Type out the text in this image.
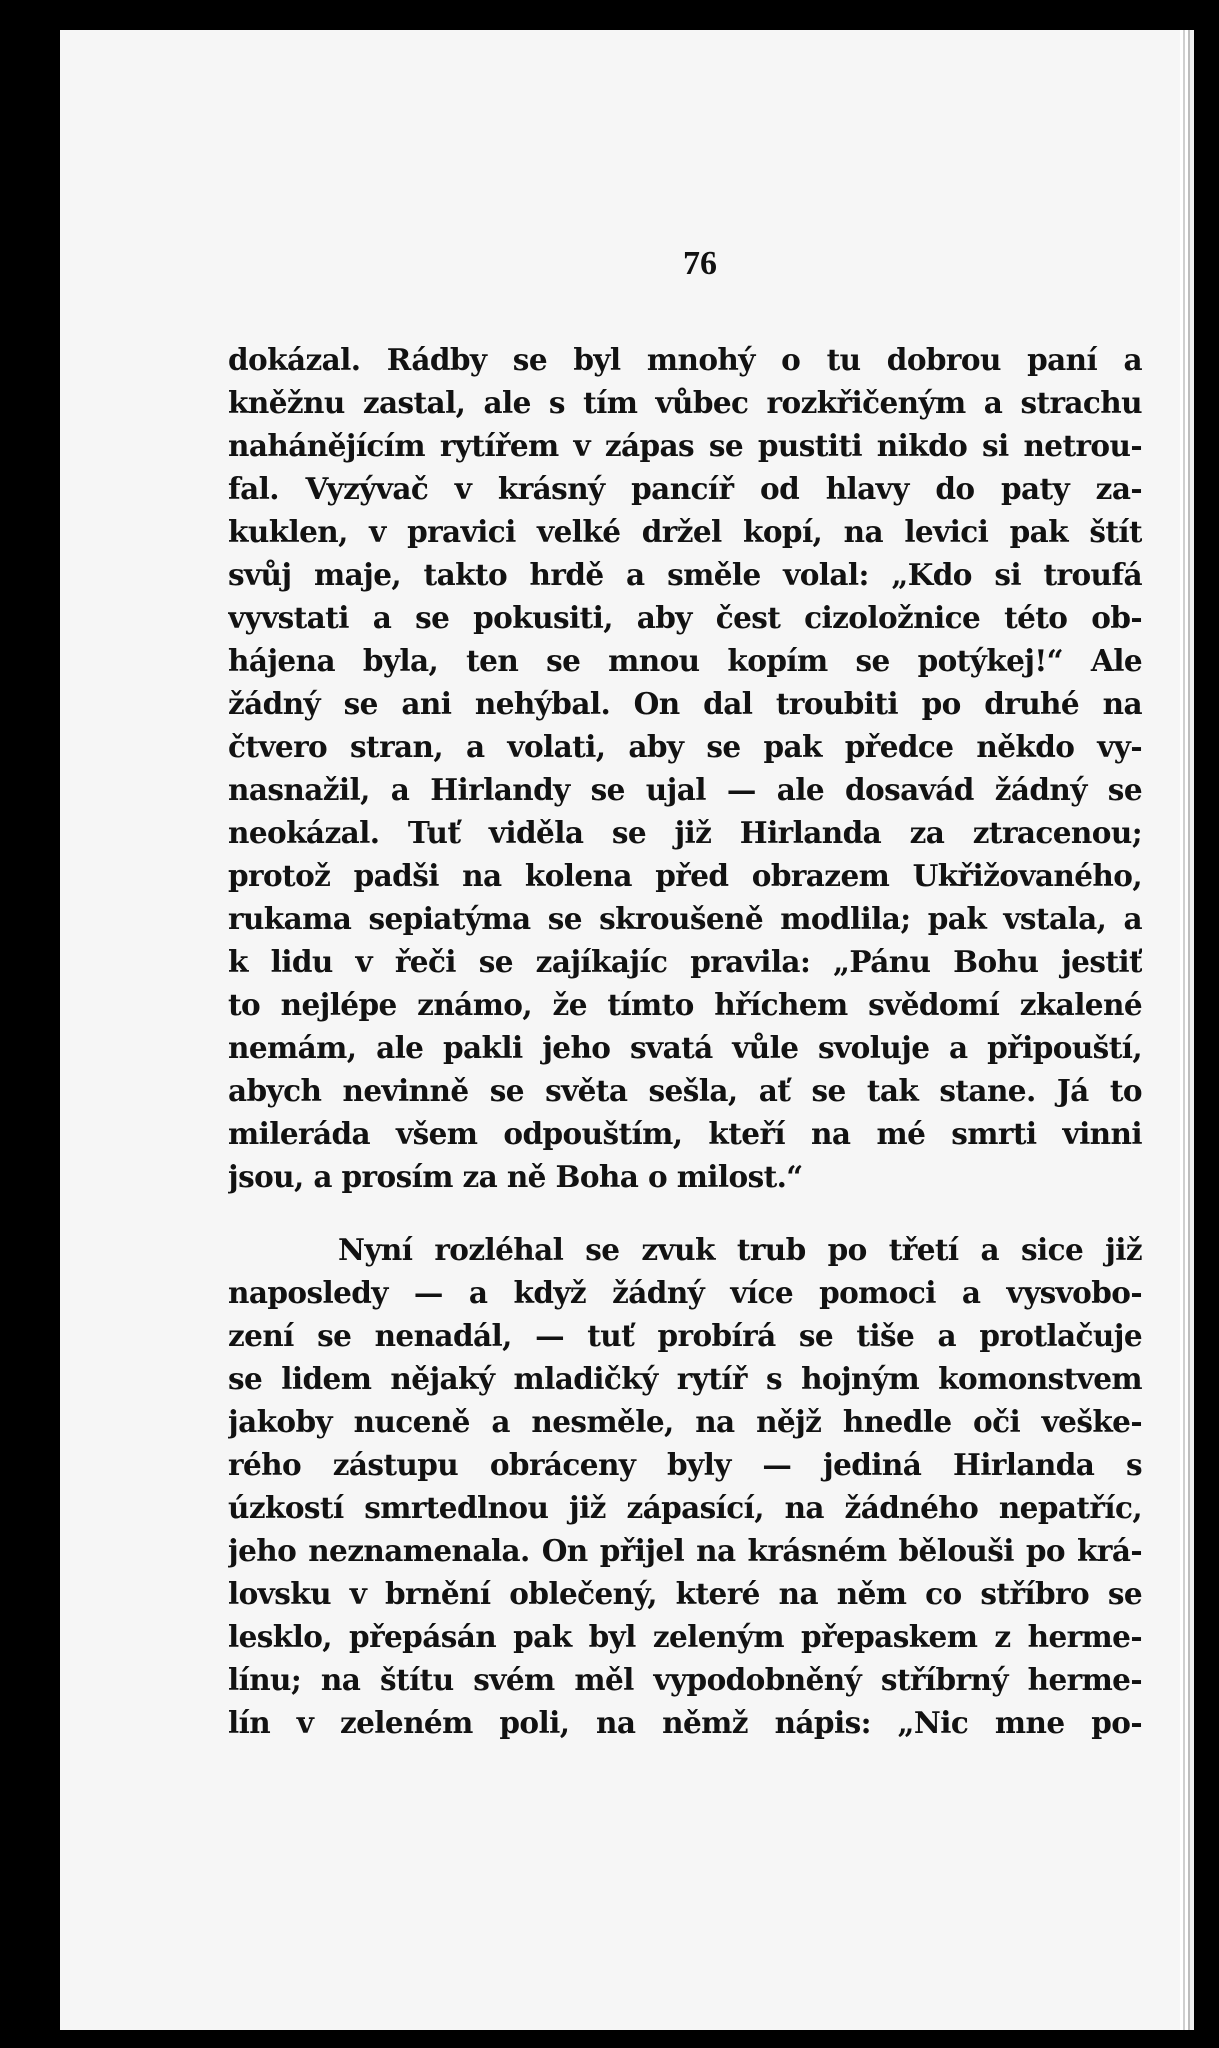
76
dokázal. Rádby se byl mnohý o tu dobrou paní a
kněžnu zastal, ale s tím vůbec rozkřičeným a strachu
naháněјícím rytířem v zápas se pustiti nikdo si netrou-
fal. Vyzývač v krásný pancíř od hlavy do paty za-
kuklen, v pravici velké držel kopí, na levici pak štít
svůj maje, takto hrdě a směle volal: „Kdo si troufá
vyvstati a se pokusiti, aby čest cizoložnice této ob-
hájena byla, ten se mnou kopím se potýkej!“ Ale
žádný se ani nehýbal. On dal troubiti po druhé na
čtvero stran, a volati, aby se pak předce někdo vy-
nasnažil, a Hirlandy se ujal — ale dosavád žádný se
neokázal. Tuť viděla se již Hirlanda za ztracenou;
protož padši na kolena před obrazem Ukřižovaného,
rukama sepiatýma se skroušeně modlila; pak vstala, a
k lidu v řeči se zajíkajíc pravila: „Pánu Bohu jestiť
to nejlépe známo, že tímto hříchem svědomí zkalené
nemám, ale pakli jeho svatá vůle svoluje a připouští,
abych nevinně se světa sešla, ať se tak stane. Já to
mileráda všem odpouštím, kteří na mé smrti vinni
jsou, a prosím za ně Boha o milost.“
Nyní rozléhal se zvuk trub po třetí a sice již
naposledy — a když žádný více pomoci a vysvobo-
zení se nenadál, — tuť probírá se tiše a protlačuje
se lidem nějaký mladičký rytíř s hojným komonstvem
jakoby nuceně a nesměle, na nějž hnedle oči veške-
rého zástupu obráceny byly — jediná Hirlanda s
úzkostí smrtedlnou již zápasící, na žádného nepatříc,
jeho neznamenala. On přijel na krásném bělouši po krá-
lovsku v brnění oblečený, které na něm co stříbro se
lesklo, přepásán pak byl zeleným přepaskem z herme-
línu; na štítu svém měl vypodobněný stříbrný herme-
lín v zeleném poli, na němž nápis: „Nic mne po-
